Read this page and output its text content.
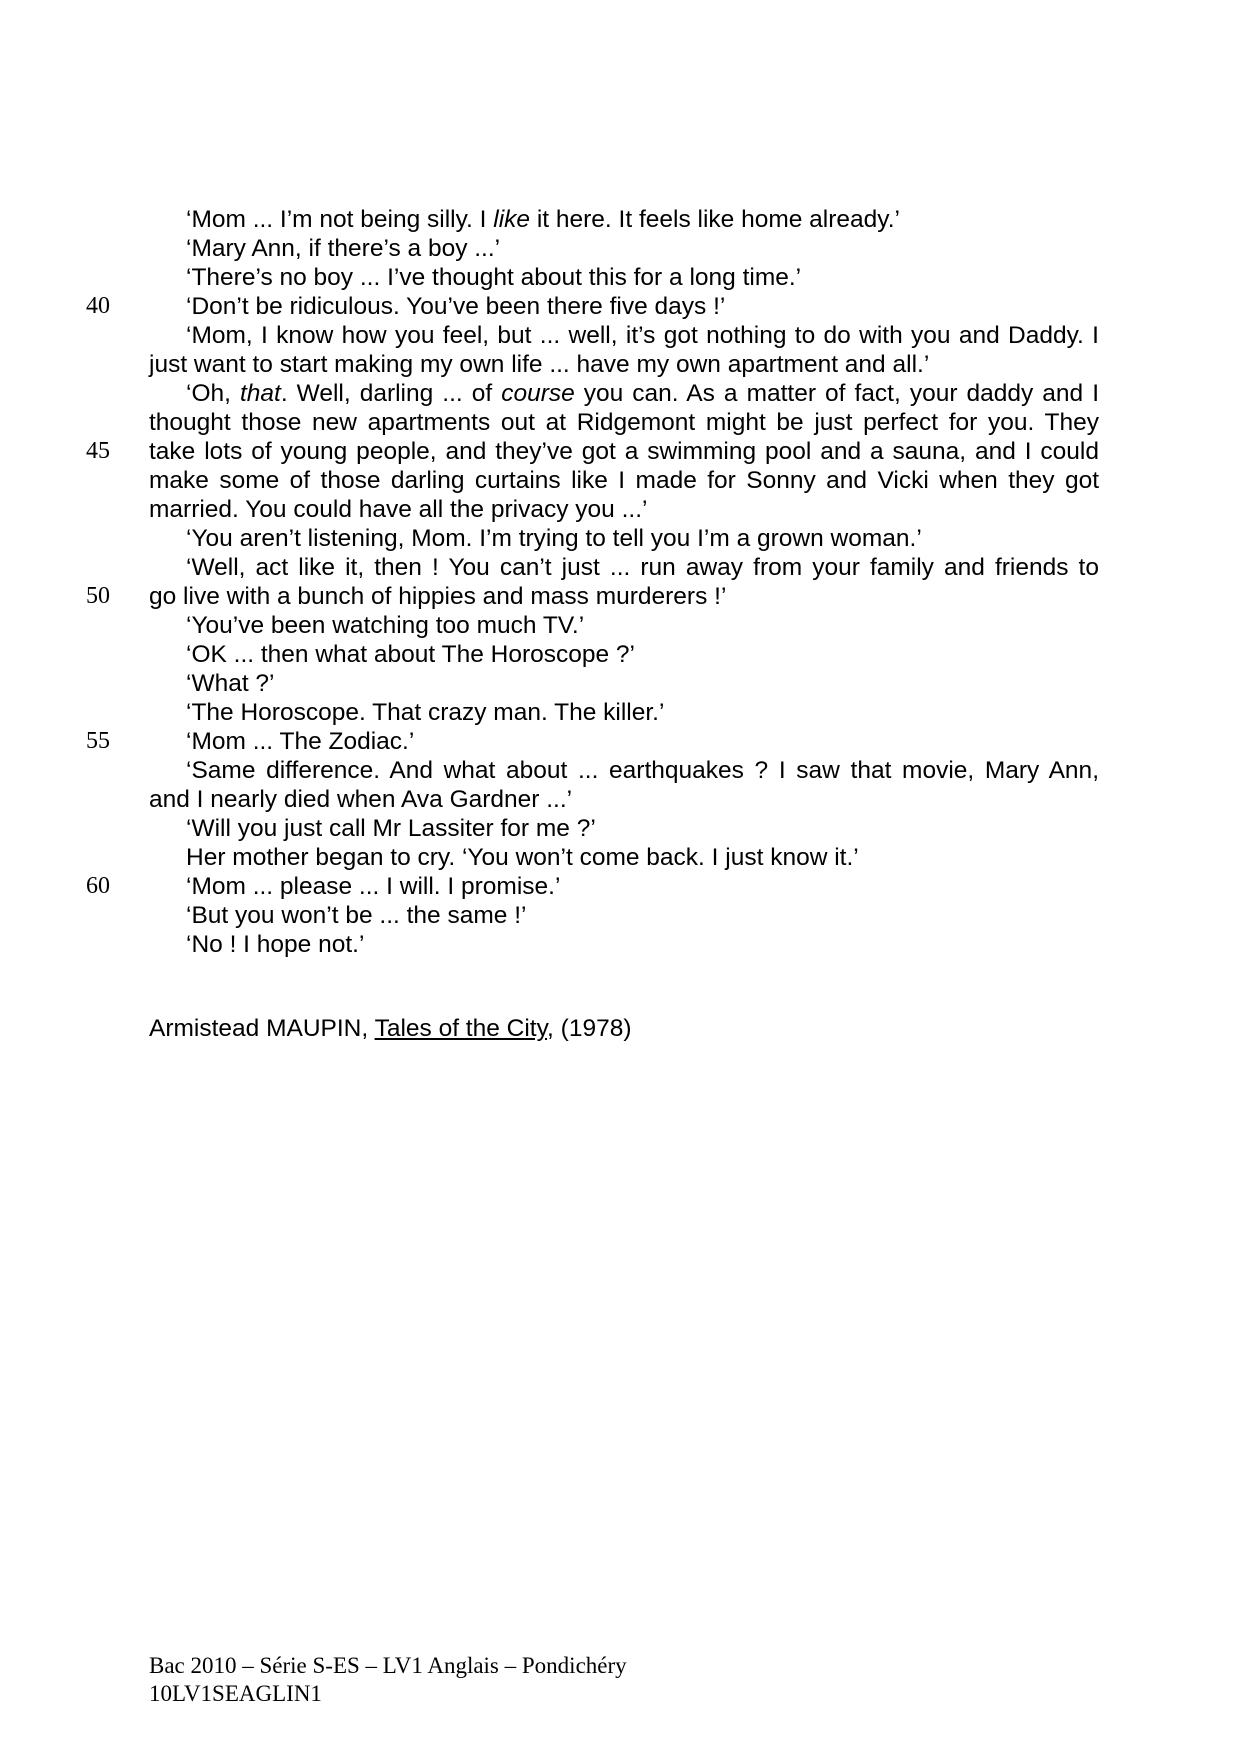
‘Mom ... I’m not being silly. I like it here. It feels like home already.’
‘Mary Ann, if there’s a boy ...’
‘There’s no boy ... I’ve thought about this for a long time.’
40	‘Don’t be ridiculous. You’ve been there five days !’
‘Mom, I know how you feel, but ... well, it’s got nothing to do with you and Daddy. I
just want to start making my own life ... have my own apartment and all.’
‘Oh, that. Well, darling ... of course you can. As a matter of fact, your daddy and I
thought those new apartments out at Ridgemont might be just perfect for you. They
45	take lots of young people, and they’ve got a swimming pool and a sauna, and I could
make some of those darling curtains like I made for Sonny and Vicki when they got
married. You could have all the privacy you ...’
‘You aren’t listening, Mom. I’m trying to tell you I’m a grown woman.’
‘Well, act like it, then ! You can’t just ... run away from your family and friends to
50	go live with a bunch of hippies and mass murderers !’
‘You’ve been watching too much TV.’
‘OK ... then what about The Horoscope ?’
‘What ?’
‘The Horoscope. That crazy man. The killer.’
55	‘Mom ... The Zodiac.’
‘Same difference. And what about ... earthquakes ? I saw that movie, Mary Ann,
and I nearly died when Ava Gardner ...’
‘Will you just call Mr Lassiter for me ?’
Her mother began to cry. ‘You won’t come back. I just know it.’
60	‘Mom ... please ... I will. I promise.’
‘But you won’t be ... the same !’
‘No ! I hope not.’
Armistead MAUPIN, Tales of the City, (1978)
Bac 2010 – Série S-ES – LV1 Anglais – Pondichéry
10LV1SEAGLIN1
